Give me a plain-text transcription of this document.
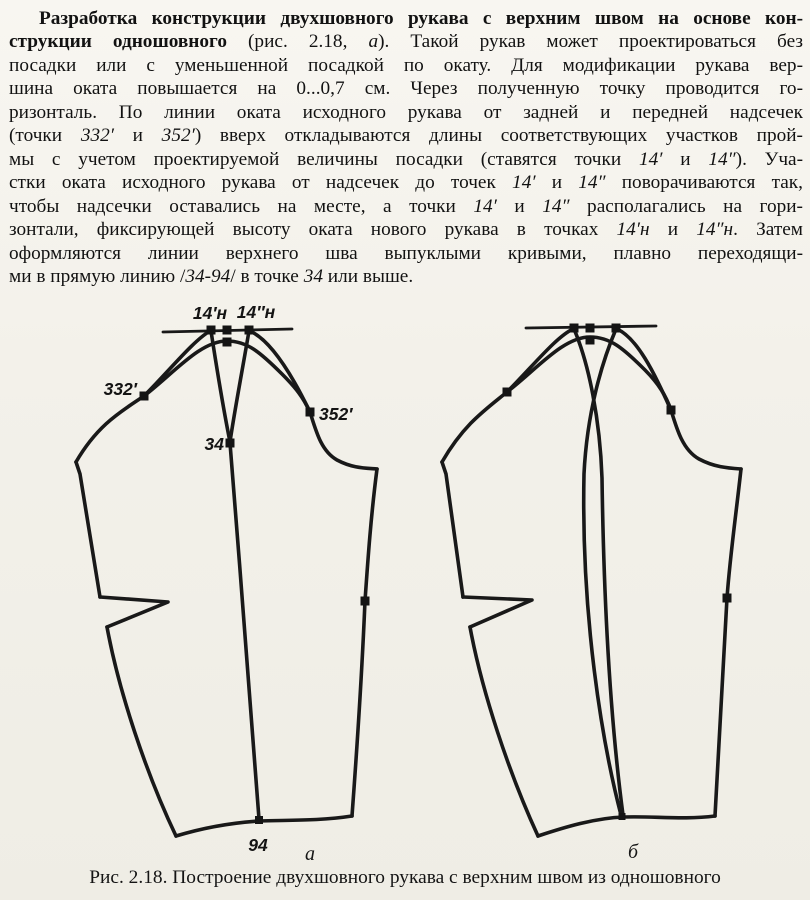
Разработка конструкции двухшовного рукава с верхним швом на основе кон-
струкции одношовного (рис. 2.18, а). Такой рукав может проектироваться без
посадки или с уменьшенной посадкой по окату. Для модификации рукава вер-
шина оката повышается на 0...0,7 см. Через полученную точку проводится го-
ризонталь. По линии оката исходного рукава от задней и передней надсечек
(точки 332′ и 352′) вверх откладываются длины соответствующих участков прой-
мы с учетом проектируемой величины посадки (ставятся точки 14′ и 14″). Уча-
стки оката исходного рукава от надсечек до точек 14′ и 14″ поворачиваются так,
чтобы надсечки оставались на месте, а точки 14′ и 14″ располагались на гори-
зонтали, фиксирующей высоту оката нового рукава в точках 14′н и 14″н. Затем
оформляются линии верхнего шва выпуклыми кривыми, плавно переходящи-
ми в прямую линию /34-94/ в точке 34 или выше.
14′н 14″н
332′
352′
34
94 а	б
Рис. 2.18. Построение двухшовного рукава с верхним швом из одношовного
